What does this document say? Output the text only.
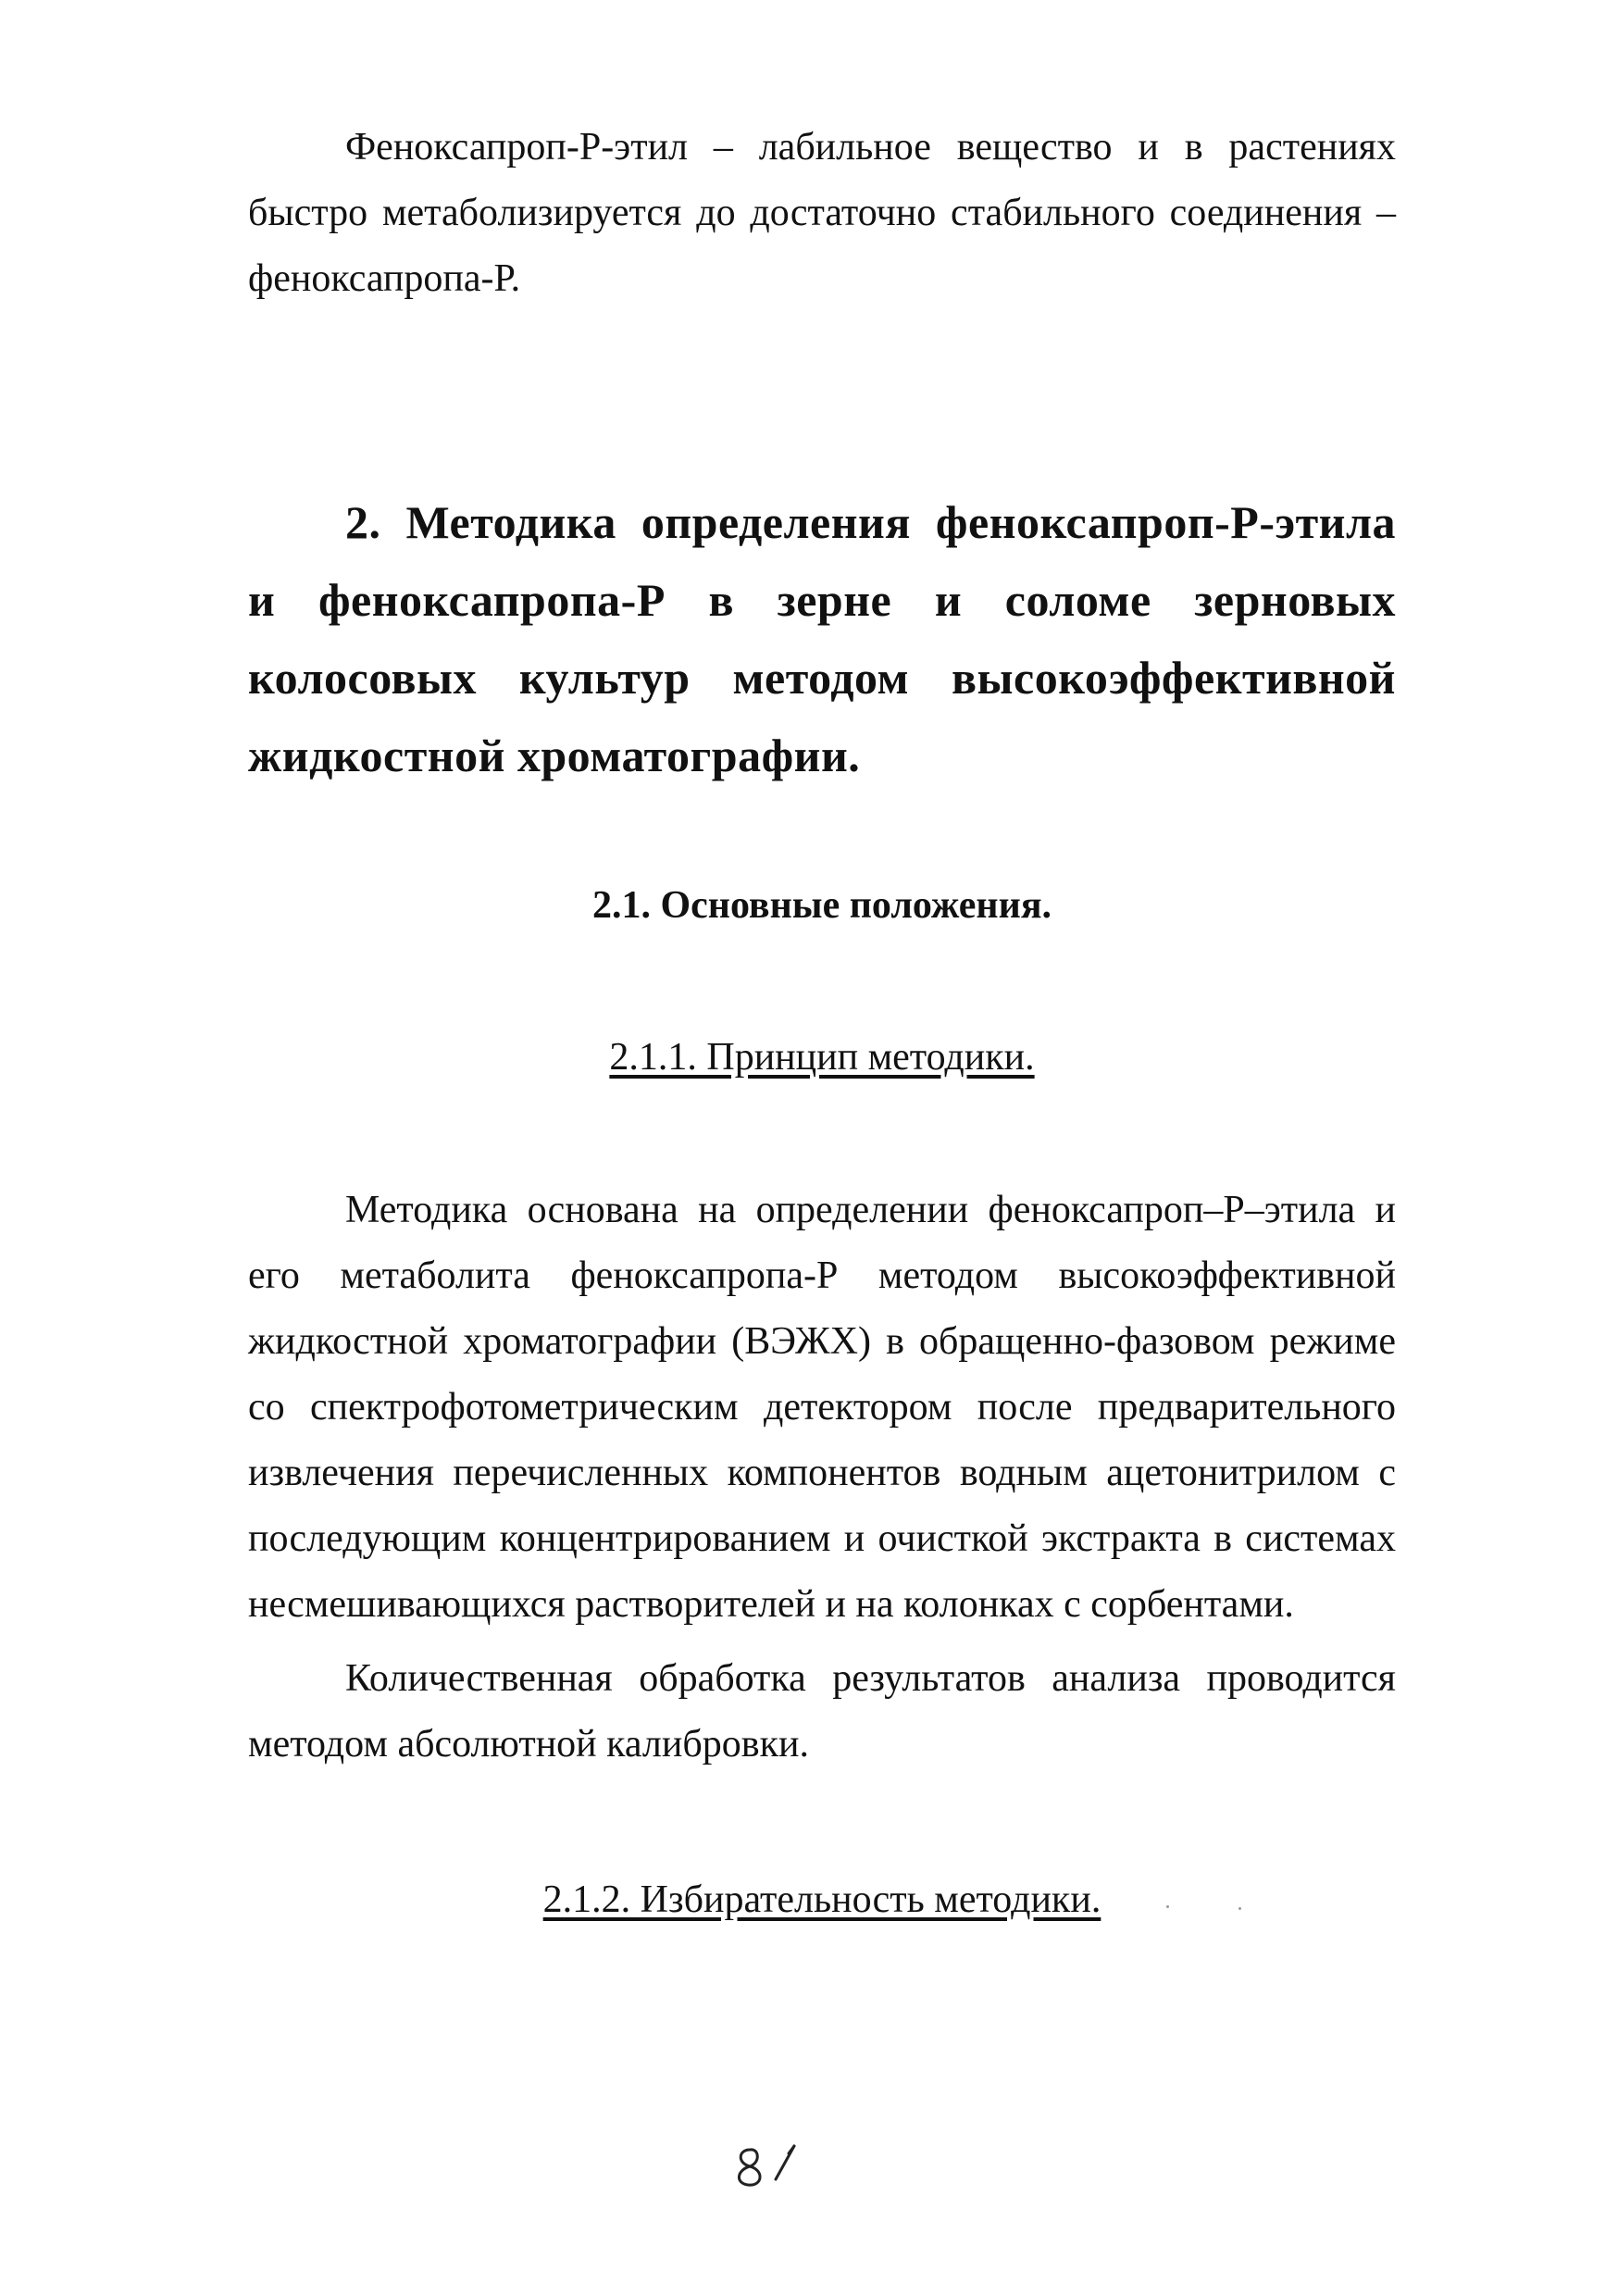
Феноксапроп-Р-этил – лабильное вещество и в растениях быстро метаболизируется до достаточно стабильного соединения – феноксапропа-Р.

2. Методика определения феноксапроп-Р-этила и феноксапропа-Р в зерне и соломе зерновых колосовых культур методом высокоэффективной жидкостной хроматографии.

2.1. Основные положения.

2.1.1. Принцип методики.

Методика основана на определении феноксапроп–Р–этила и его метаболита феноксапропа-Р методом высокоэффективной жидкостной хроматографии (ВЭЖХ) в обращенно-фазовом режиме со спектрофотометрическим детектором после предварительного извлечения перечисленных компонентов водным ацетонитрилом с последующим концентрированием и очисткой экстракта в системах несмешивающихся растворителей и на колонках с сорбентами.

Количественная обработка результатов анализа проводится методом абсолютной калибровки.

2.1.2. Избирательность методики.
